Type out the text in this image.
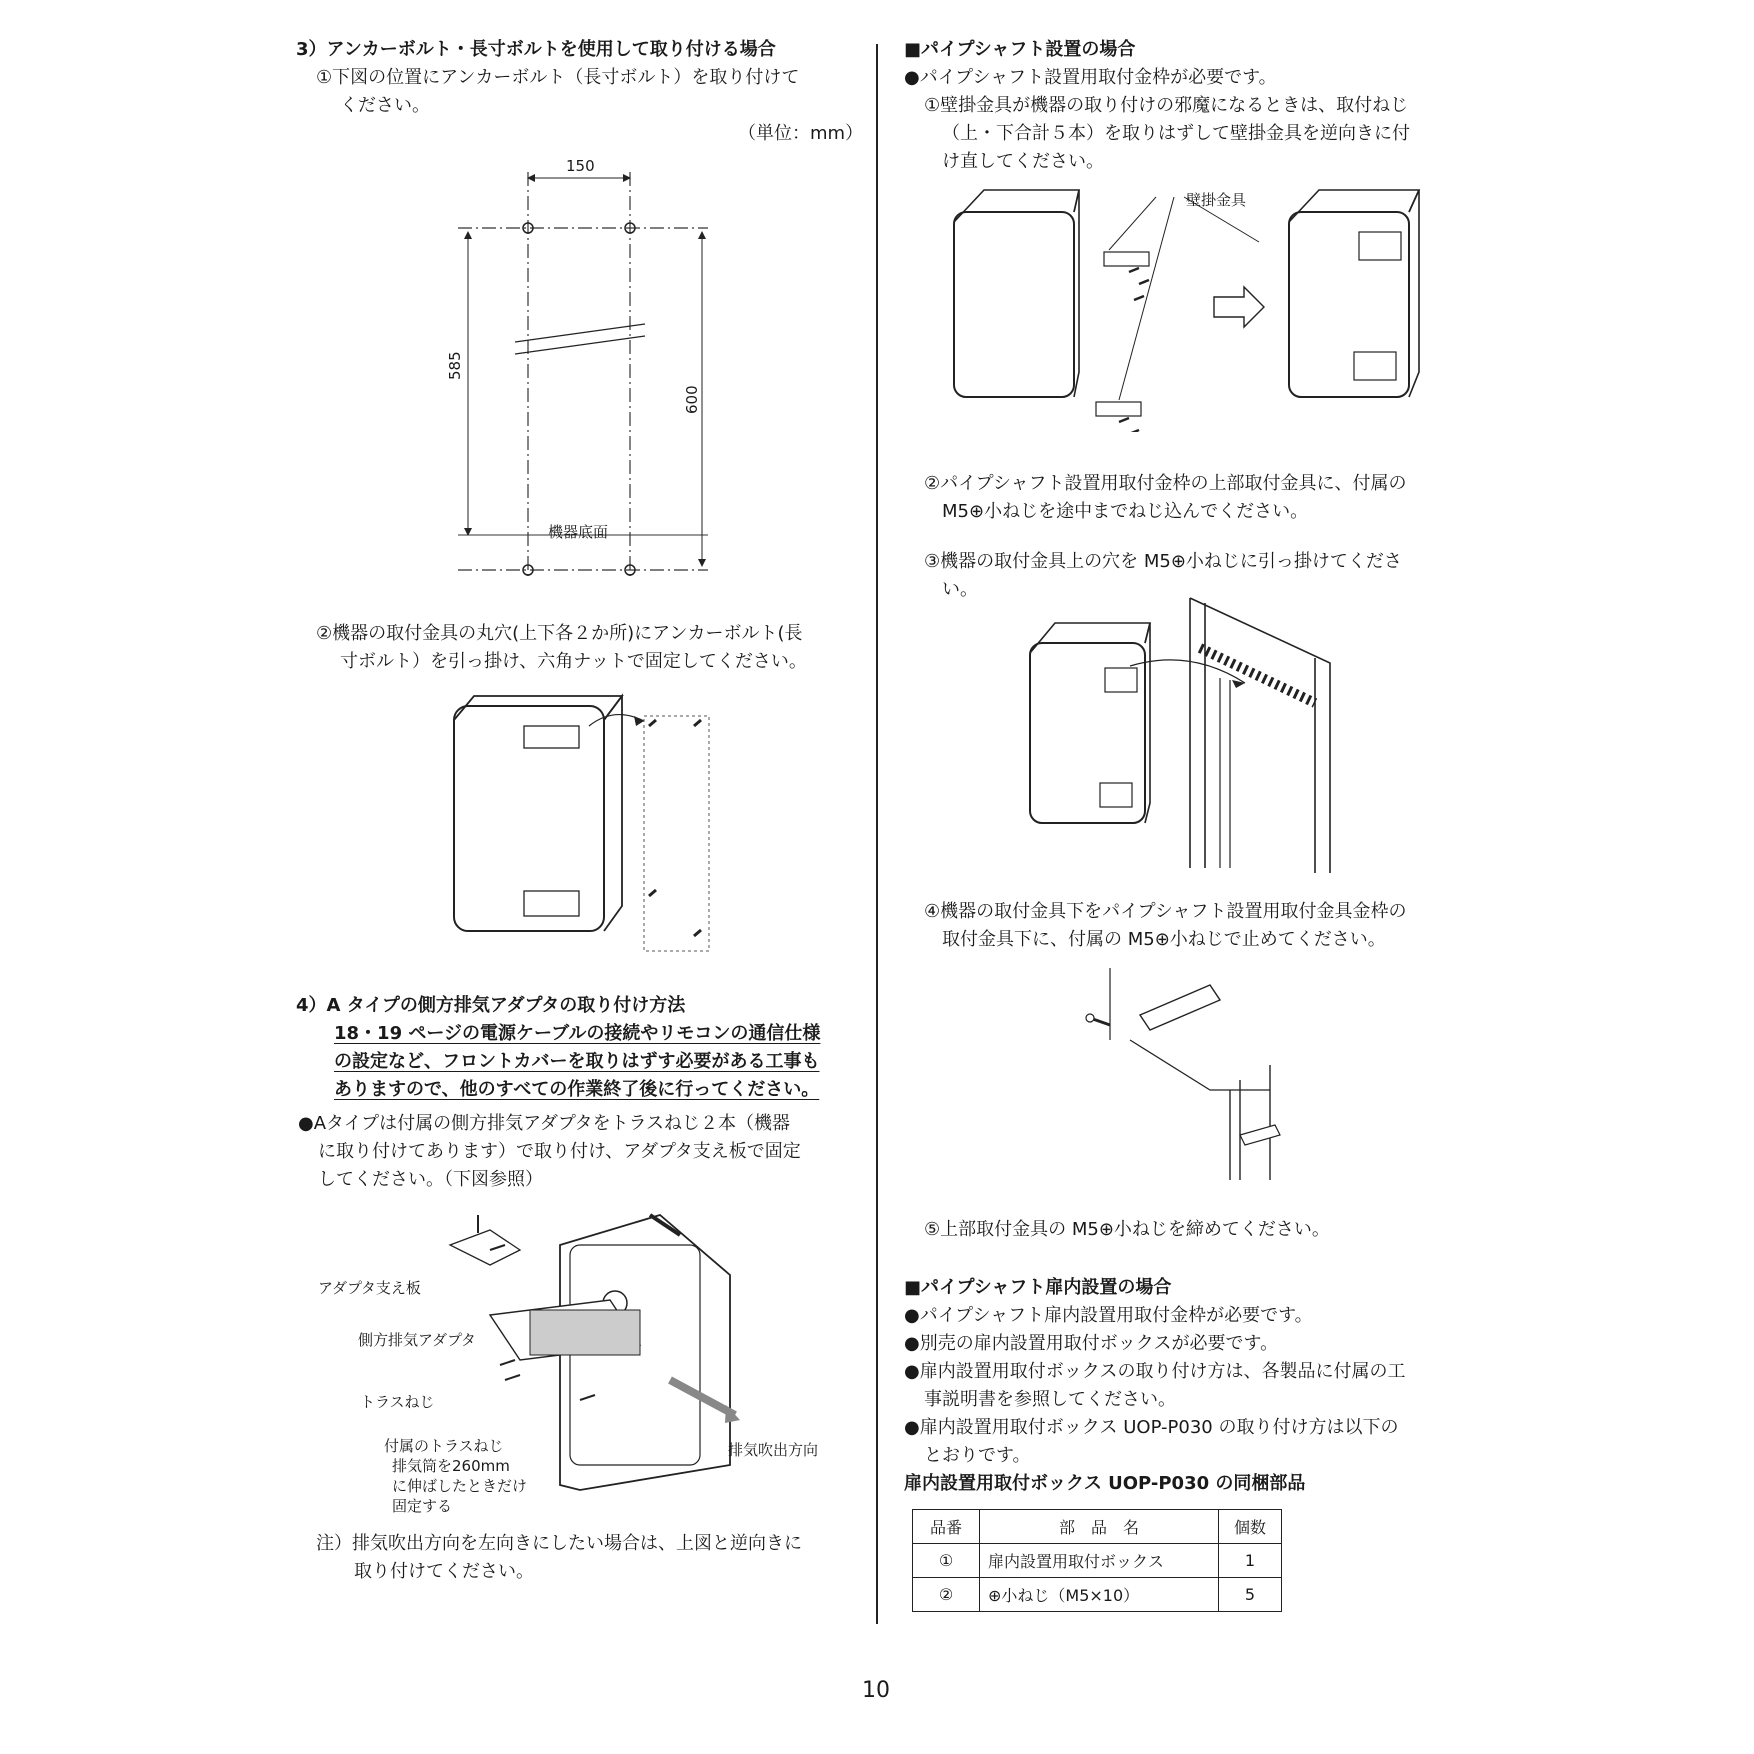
3）アンカーボルト・長寸ボルトを使用して取り付ける場合
①下図の位置にアンカーボルト（長寸ボルト）を取り付けて
ください。
（単位：mm）
150
585
600
機器底面
②機器の取付金具の丸穴(上下各２か所)にアンカーボルト(長
寸ボルト）を引っ掛け、六角ナットで固定してください。
4）A タイプの側方排気アダプタの取り付け方法
18・19 ページの電源ケーブルの接続やリモコンの通信仕様
の設定など、フロントカバーを取りはずす必要がある工事も
ありますので、他のすべての作業終了後に行ってください。
●Aタイプは付属の側方排気アダプタをトラスねじ２本（機器
に取り付けてあります）で取り付け、アダプタ支え板で固定
してください。（下図参照）
アダプタ支え板
側方排気アダプタ
トラスねじ
付属のトラスねじ
排気筒を260mm
に伸ばしたときだけ
固定する
排気吹出方向
注）排気吹出方向を左向きにしたい場合は、上図と逆向きに
取り付けてください。
■パイプシャフト設置の場合
●パイプシャフト設置用取付金枠が必要です。
①壁掛金具が機器の取り付けの邪魔になるときは、取付ねじ
（上・下合計５本）を取りはずして壁掛金具を逆向きに付
け直してください。
壁掛金具
②パイプシャフト設置用取付金枠の上部取付金具に、付属の
M5⊕小ねじを途中までねじ込んでください。
③機器の取付金具上の穴を M5⊕小ねじに引っ掛けてくださ
い。
④機器の取付金具下をパイプシャフト設置用取付金具金枠の
取付金具下に、付属の M5⊕小ねじで止めてください。
⑤上部取付金具の M5⊕小ねじを締めてください。
■パイプシャフト扉内設置の場合
●パイプシャフト扉内設置用取付金枠が必要です。
●別売の扉内設置用取付ボックスが必要です。
●扉内設置用取付ボックスの取り付け方は、各製品に付属の工
事説明書を参照してください。
●扉内設置用取付ボックス UOP-P030 の取り付け方は以下の
とおりです。
扉内設置用取付ボックス UOP-P030 の同梱部品
品番	部　品　名	個数
①	扉内設置用取付ボックス	1
②	⊕小ねじ（M5×10）	5
10
